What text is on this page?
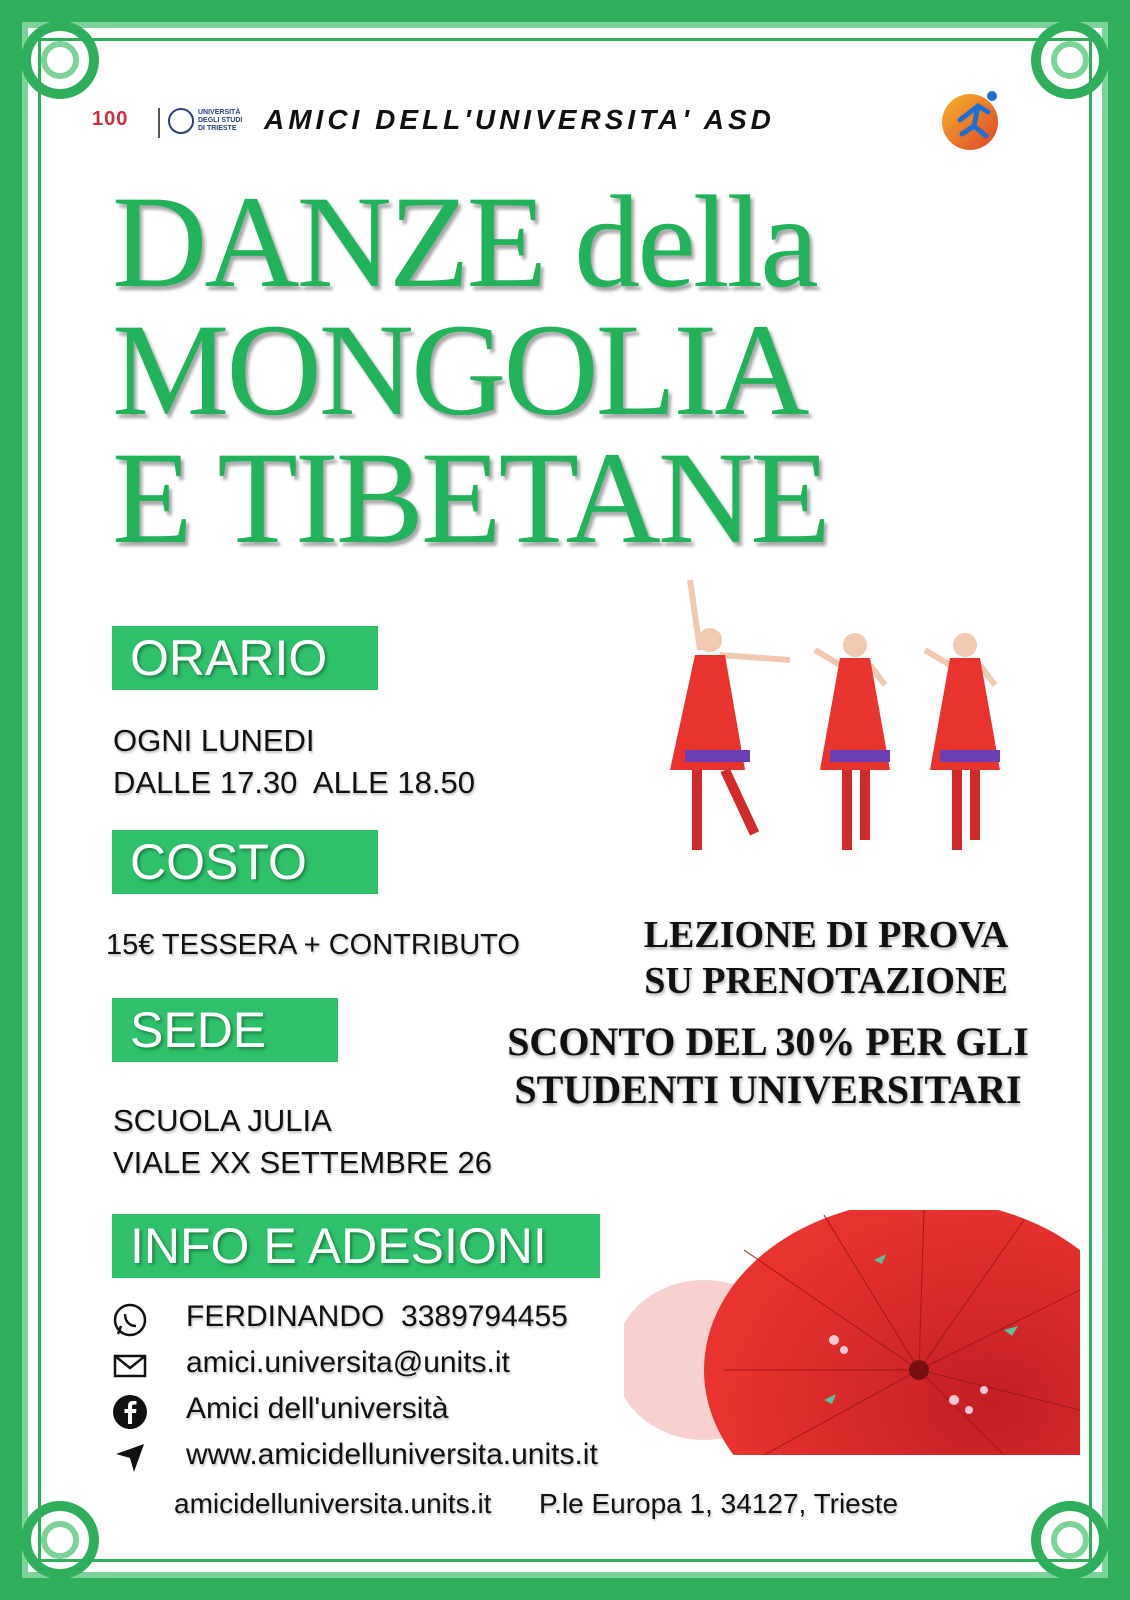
100	UNIVERSITÀ DEGLI STUDI DI TRIESTE AMICI DELL'UNIVERSITA' ASD
DANZE della
MONGOLIA
E TIBETANE
ORARIO
OGNI LUNEDI
DALLE 17.30  ALLE 18.50
COSTO
15€ TESSERA + CONTRIBUTO
SEDE
SCUOLA JULIA
VIALE XX SETTEMBRE 26
LEZIONE DI PROVA
SU PRENOTAZIONE
SCONTO DEL 30% PER GLI
STUDENTI UNIVERSITARI
INFO E ADESIONI
FERDINANDO  3389794455
amici.universita@units.it
Amici dell'università
www.amicidelluniversita.units.it
amicidelluniversita.units.it P.le Europa 1, 34127, Trieste
